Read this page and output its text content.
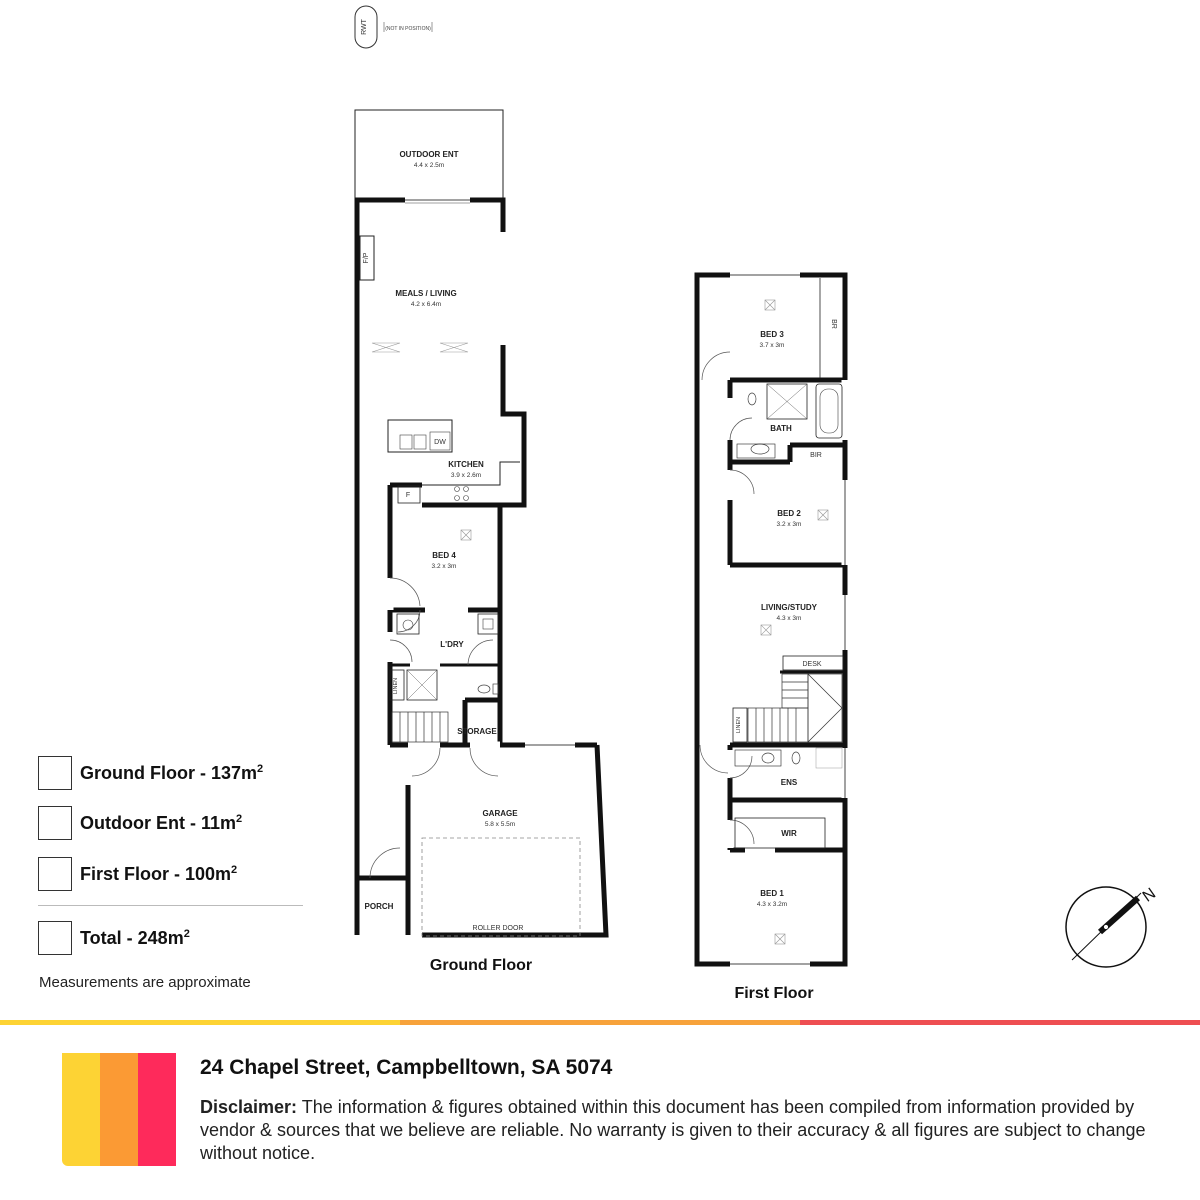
RWT	(NOT IN POSITION)
F/P
DW
F
LINEN
OUTDOOR ENT
4.4 x 2.5m
MEALS / LIVING
4.2 x 6.4m
KITCHEN
3.9 x 2.6m
BED 4
3.2 x 3m
L'DRY
STORAGE
GARAGE
5.8 x 5.5m
PORCH
ROLLER DOOR
Ground Floor
BR
BIR
DESK
LINEN
BED 3
3.7 x 3m
BATH
BED 2
3.2 x 3m
LIVING/STUDY
4.3 x 3m
ENS
WIR
BED 1
4.3 x 3.2m
First Floor
N
Ground Floor - $137m^2$
Outdoor Ent - $11m^2$
First Floor - $100m^2$
Total - $248m^2$
Measurements are approximate
24 Chapel Street, Campbelltown, SA 5074
Disclaimer: The information & figures obtained within this document has been compiled from information provided by vendor & sources that we believe are reliable. No warranty is given to their accuracy & all figures are subject to change without notice.
